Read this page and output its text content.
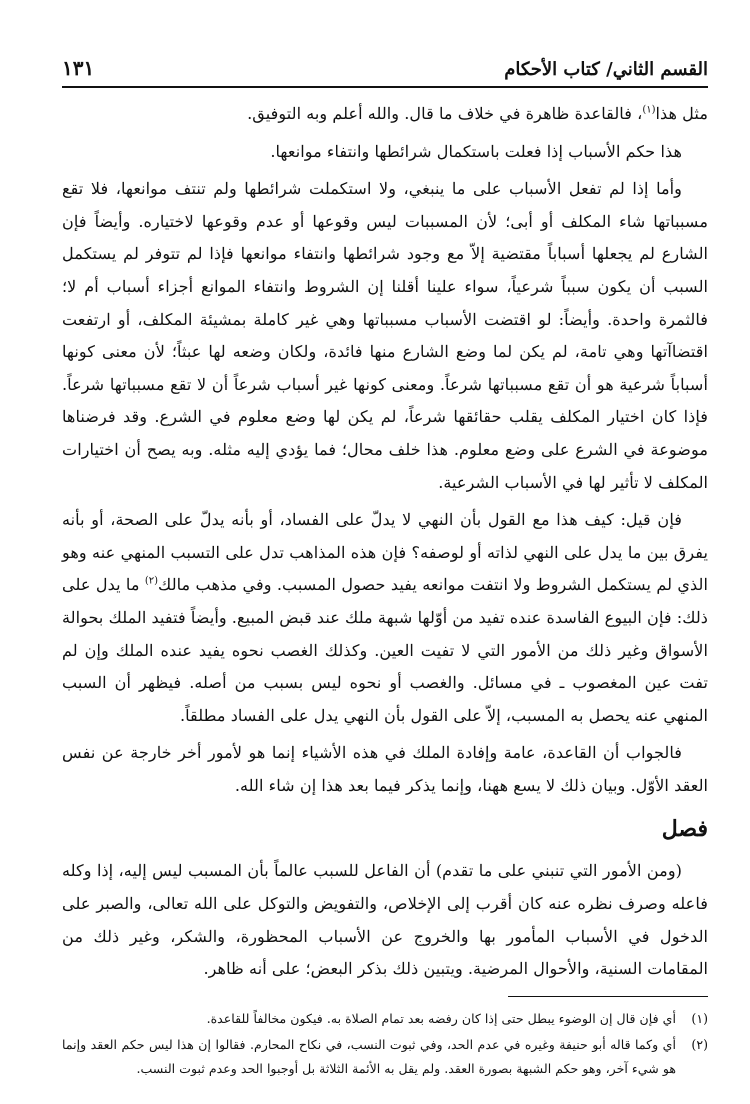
القسم الثاني/ كتاب الأحكام
١٣١

مثل هذا$^{(١)}$، فالقاعدة ظاهرة في خلاف ما قال. والله أعلم وبه التوفيق.

هذا حكم الأسباب إذا فعلت باستكمال شرائطها وانتفاء موانعها.

وأما إذا لم تفعل الأسباب على ما ينبغي، ولا استكملت شرائطها ولم تنتف موانعها، فلا تقع مسبباتها شاء المكلف أو أبى؛ لأن المسببات ليس وقوعها أو عدم وقوعها لاختياره. وأيضاً فإن الشارع لم يجعلها أسباباً مقتضية إلاّ مع وجود شرائطها وانتفاء موانعها فإذا لم تتوفر لم يستكمل السبب أن يكون سبباً شرعياً، سواء علينا أقلنا إن الشروط وانتفاء الموانع أجزاء أسباب أم لا؛ فالثمرة واحدة. وأيضاً: لو اقتضت الأسباب مسبباتها وهي غير كاملة بمشيئة المكلف، أو ارتفعت اقتضاآتها وهي تامة، لم يكن لما وضع الشارع منها فائدة، ولكان وضعه لها عبثاً؛ لأن معنى كونها أسباباً شرعية هو أن تقع مسبباتها شرعاً. ومعنى كونها غير أسباب شرعاً أن لا تقع مسبباتها شرعاً. فإذا كان اختيار المكلف يقلب حقائقها شرعاً، لم يكن لها وضع معلوم في الشرع. وقد فرضناها موضوعة في الشرع على وضع معلوم. هذا خلف محال؛ فما يؤدي إليه مثله. وبه يصح أن اختيارات المكلف لا تأثير لها في الأسباب الشرعية.

فإن قيل: كيف هذا مع القول بأن النهي لا يدلّ على الفساد، أو بأنه يدلّ على الصحة، أو بأنه يفرق بين ما يدل على النهي لذاته أو لوصفه؟ فإن هذه المذاهب تدل على التسبب المنهي عنه وهو الذي لم يستكمل الشروط ولا انتفت موانعه يفيد حصول المسبب. وفي مذهب مالك$^{(٢)}$ ما يدل على ذلك: فإن البيوع الفاسدة عنده تفيد من أوّلها شبهة ملك عند قبض المبيع. وأيضاً فتفيد الملك بحوالة الأسواق وغير ذلك من الأمور التي لا تفيت العين. وكذلك الغصب نحوه يفيد عنده الملك وإن لم تفت عين المغصوب ـ في مسائل. والغصب أو نحوه ليس بسبب من أصله. فيظهر أن السبب المنهي عنه يحصل به المسبب، إلاّ على القول بأن النهي يدل على الفساد مطلقاً.

فالجواب أن القاعدة، عامة وإفادة الملك في هذه الأشياء إنما هو لأمور أخر خارجة عن نفس العقد الأوّل. وبيان ذلك لا يسع ههنا، وإنما يذكر فيما بعد هذا إن شاء الله.

فصل

(ومن الأمور التي تنبني على ما تقدم) أن الفاعل للسبب عالماً بأن المسبب ليس إليه، إذا وكله فاعله وصرف نظره عنه كان أقرب إلى الإخلاص، والتفويض والتوكل على الله تعالى، والصبر على الدخول في الأسباب المأمور بها والخروج عن الأسباب المحظورة، والشكر، وغير ذلك من المقامات السنية، والأحوال المرضية. ويتبين ذلك بذكر البعض؛ على أنه ظاهر.

(١)
أي فإن قال إن الوضوء يبطل حتى إذا كان رفضه بعد تمام الصلاة به. فيكون مخالفاً للقاعدة.
(٢)
أي وكما قاله أبو حنيفة وغيره في عدم الحد، وفي ثبوت النسب، في نكاح المحارم. فقالوا إن هذا ليس حكم العقد وإنما هو شيء آخر، وهو حكم الشبهة بصورة العقد. ولم يقل به الأئمة الثلاثة بل أوجبوا الحد وعدم ثبوت النسب.
